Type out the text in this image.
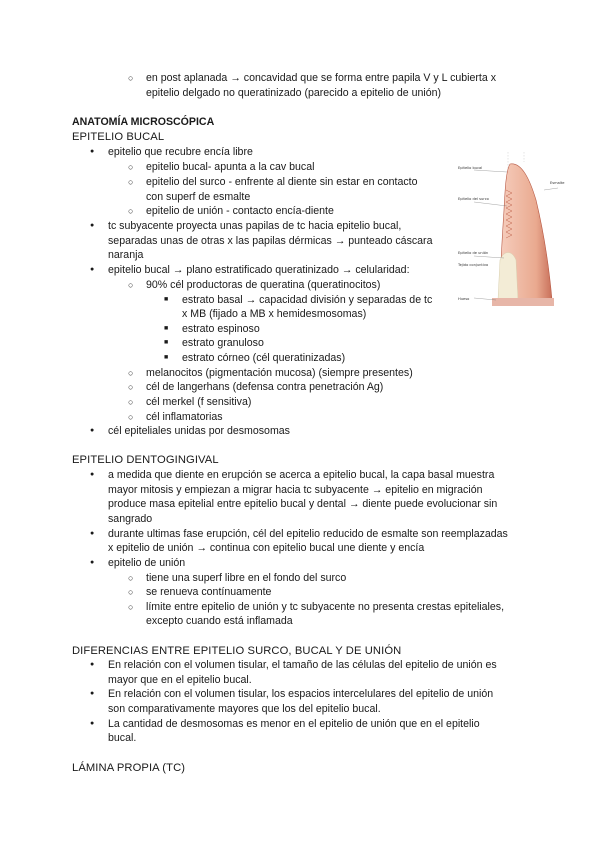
○
en post aplanada → concavidad que se forma entre papila V y L cubierta x
epitelio delgado no queratinizado (parecido a epitelio de unión)
ANATOMÍA MICROSCÓPICA
EPITELIO BUCAL
●
epitelio que recubre encía libre
○
epitelio bucal- apunta a la cav bucal
○
epitelio del surco - enfrente al diente sin estar en contacto
con superf de esmalte
○
epitelio de unión - contacto encía-diente
●
tc subyacente proyecta unas papilas de tc hacia epitelio bucal,
separadas unas de otras x las papilas dérmicas → punteado cáscara
naranja
●
epitelio bucal → plano estratificado queratinizado → celularidad:
○
90% cél productoras de queratina (queratinocitos)
■
estrato basal → capacidad división y separadas de tc
x MB (fijado a MB x hemidesmosomas)
■
estrato espinoso
■
estrato granuloso
■
estrato córneo (cél queratinizadas)
○
melanocitos (pigmentación mucosa) (siempre presentes)
○
cél de langerhans (defensa contra penetración Ag)
○
cél merkel (f sensitiva)
○
cél inflamatorias
●
cél epiteliales unidas por desmosomas
Epitelio bucal
Epitelio del surco
Epitelio de unión
Tejido conjuntivo
Esmalte
Hueso
EPITELIO DENTOGINGIVAL
●
a medida que diente en erupción se acerca a epitelio bucal, la capa basal muestra
mayor mitosis y empiezan a migrar hacia tc subyacente → epitelio en migración
produce masa epitelial entre epitelio bucal y dental → diente puede evolucionar sin
sangrado
●
durante ultimas fase erupción, cél del epitelio reducido de esmalte son reemplazadas
x epitelio de unión → continua con epitelio bucal une diente y encía
●
epitelio de unión
○
tiene una superf libre en el fondo del surco
○
se renueva contínuamente
○
límite entre epitelio de unión y tc subyacente no presenta crestas epiteliales,
excepto cuando está inflamada
DIFERENCIAS ENTRE EPITELIO SURCO, BUCAL Y DE UNIÓN
●
En relación con el volumen tisular, el tamaño de las células del epitelio de unión es
mayor que en el epitelio bucal.
●
En relación con el volumen tisular, los espacios intercelulares del epitelio de unión
son comparativamente mayores que los del epitelio bucal.
●
La cantidad de desmosomas es menor en el epitelio de unión que en el epitelio
bucal.
LÁMINA PROPIA (TC)
